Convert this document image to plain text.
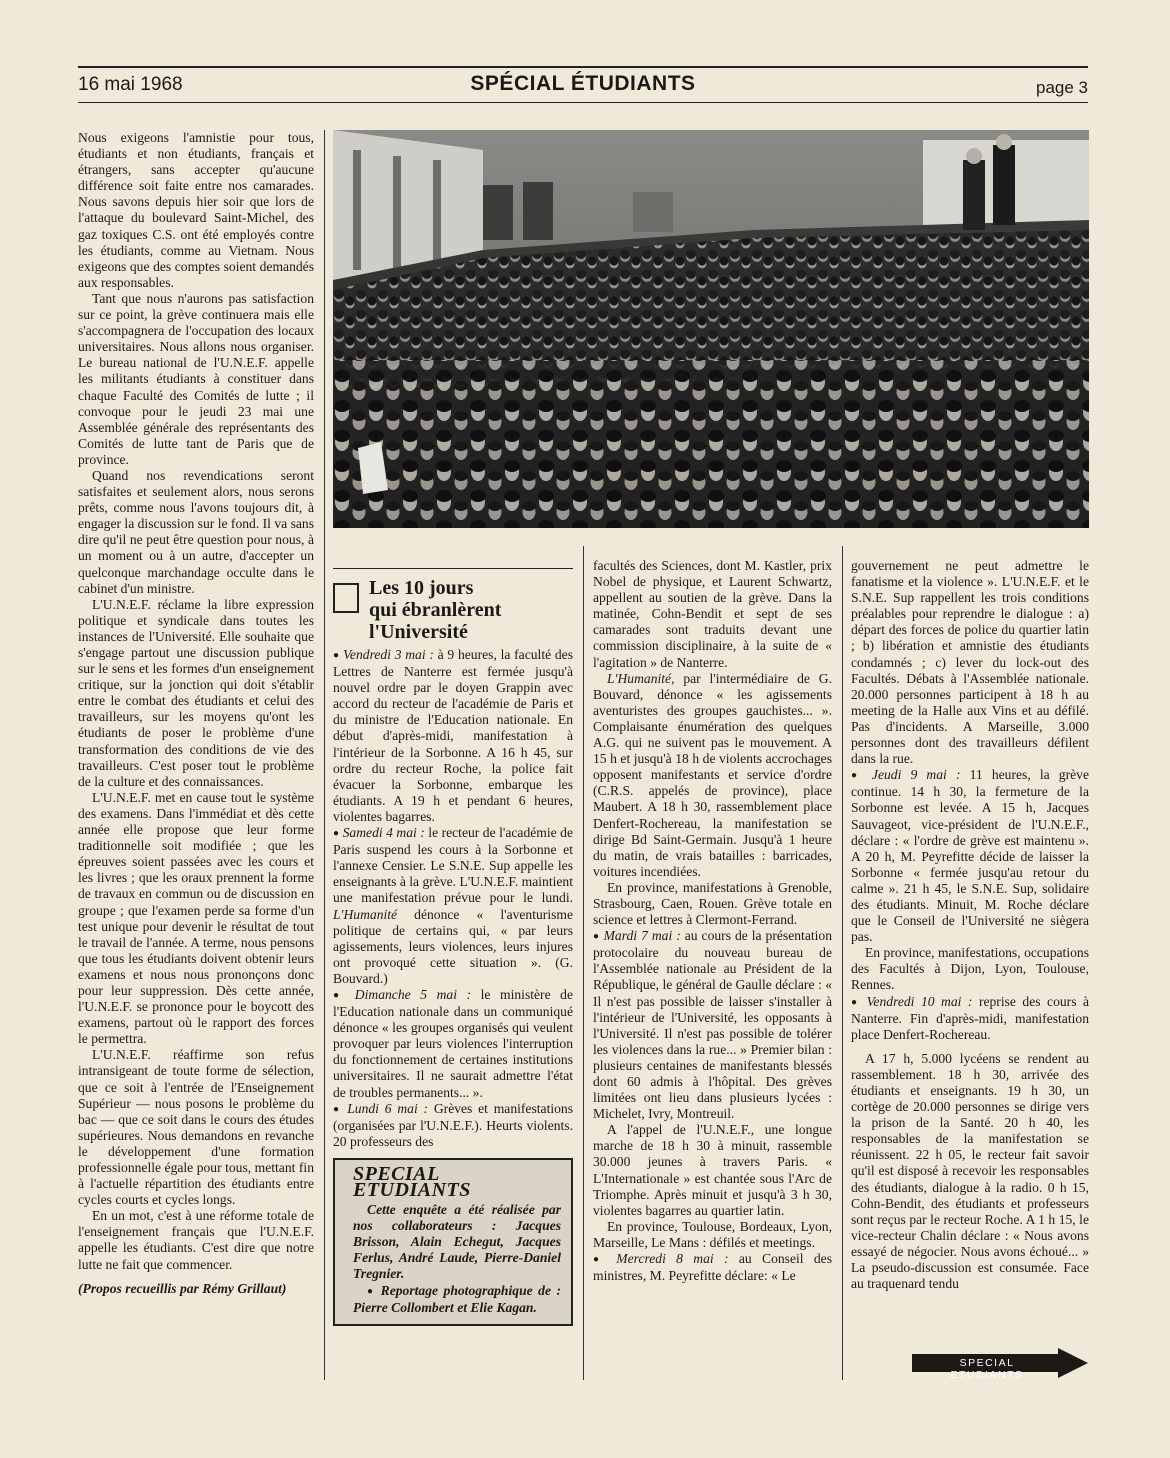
16 mai 1968	SPÉCIAL ÉTUDIANTS	page 3

Nous exigeons l'amnistie pour tous, étudiants et non étudiants, français et étrangers, sans accepter qu'aucune différence soit faite entre nos camarades. Nous savons depuis hier soir que lors de l'attaque du boulevard Saint-Michel, des gaz toxiques C.S. ont été employés contre les étudiants, comme au Vietnam. Nous exigeons que des comptes soient demandés aux responsables.

Tant que nous n'aurons pas satisfaction sur ce point, la grève continuera mais elle s'accompagnera de l'occupation des locaux universitaires. Nous allons nous organiser. Le bureau national de l'U.N.E.F. appelle les militants étudiants à constituer dans chaque Faculté des Comités de lutte ; il convoque pour le jeudi 23 mai une Assemblée générale des représentants des Comités de lutte tant de Paris que de province.

Quand nos revendications seront satisfaites et seulement alors, nous serons prêts, comme nous l'avons toujours dit, à engager la discussion sur le fond. Il va sans dire qu'il ne peut être question pour nous, à un moment ou à un autre, d'accepter un quelconque marchandage occulte dans le cabinet d'un ministre.

L'U.N.E.F. réclame la libre expression politique et syndicale dans toutes les instances de l'Université. Elle souhaite que s'engage partout une discussion publique sur le sens et les formes d'un enseignement critique, sur la jonction qui doit s'établir entre le combat des étudiants et celui des travailleurs, sur les moyens qu'ont les étudiants de poser le problème d'une transformation des conditions de vie des travailleurs. C'est poser tout le problème de la culture et des connaissances.

L'U.N.E.F. met en cause tout le système des examens. Dans l'immédiat et dès cette année elle propose que leur forme traditionnelle soit modifiée ; que les épreuves soient passées avec les cours et les livres ; que les oraux prennent la forme de travaux en commun ou de discussion en groupe ; que l'examen perde sa forme d'un test unique pour devenir le résultat de tout le travail de l'année. A terme, nous pensons que tous les étudiants doivent obtenir leurs examens et nous nous prononçons donc pour leur suppression. Dès cette année, l'U.N.E.F. se prononce pour le boycott des examens, partout où le rapport des forces le permettra.

L'U.N.E.F. réaffirme son refus intransigeant de toute forme de sélection, que ce soit à l'entrée de l'Enseignement Supérieur — nous posons le problème du bac — que ce soit dans le cours des études supérieures. Nous demandons en revanche le développement d'une formation professionnelle égale pour tous, mettant fin à l'actuelle répartition des étudiants entre cycles courts et cycles longs.

En un mot, c'est à une réforme totale de l'enseignement français que l'U.N.E.F. appelle les étudiants. C'est dire que notre lutte ne fait que commencer.

(Propos recueillis par Rémy Grillaut)

Les 10 jours
qui ébranlèrent
l'Université

● Vendredi 3 mai : à 9 heures, la faculté des Lettres de Nanterre est fermée jusqu'à nouvel ordre par le doyen Grappin avec accord du recteur de l'académie de Paris et du ministre de l'Education nationale. En début d'après-midi, manifestation à l'intérieur de la Sorbonne. A 16 h 45, sur ordre du recteur Roche, la police fait évacuer la Sorbonne, embarque les étudiants. A 19 h et pendant 6 heures, violentes bagarres.

● Samedi 4 mai : le recteur de l'académie de Paris suspend les cours à la Sorbonne et l'annexe Censier. Le S.N.E. Sup appelle les enseignants à la grève. L'U.N.E.F. maintient une manifestation prévue pour le lundi. L'Humanité dénonce « l'aventurisme politique de certains qui, « par leurs agissements, leurs violences, leurs injures ont provoqué cette situation ». (G. Bouvard.)

● Dimanche 5 mai : le ministère de l'Education nationale dans un communiqué dénonce « les groupes organisés qui veulent provoquer par leurs violences l'interruption du fonctionnement de certaines institutions universitaires. Il ne saurait admettre l'état de troubles permanents... ».

● Lundi 6 mai : Grèves et manifestations (organisées par l'U.N.E.F.). Heurts violents. 20 professeurs des

SPECIAL ETUDIANTS

Cette enquête a été réalisée par nos collaborateurs : Jacques Brisson, Alain Echegut, Jacques Ferlus, André Laude, Pierre-Daniel Tregnier.

● Reportage photographique de : Pierre Collombert et Elie Kagan.

facultés des Sciences, dont M. Kastler, prix Nobel de physique, et Laurent Schwartz, appellent au soutien de la grève. Dans la matinée, Cohn-Bendit et sept de ses camarades sont traduits devant une commission disciplinaire, à la suite de « l'agitation » de Nanterre.

L'Humanité, par l'intermédiaire de G. Bouvard, dénonce « les agissements aventuristes des groupes gauchistes... ». Complaisante énumération des quelques A.G. qui ne suivent pas le mouvement. A 15 h et jusqu'à 18 h de violents accrochages opposent manifestants et service d'ordre (C.R.S. appelés de province), place Maubert. A 18 h 30, rassemblement place Denfert-Rochereau, la manifestation se dirige Bd Saint-Germain. Jusqu'à 1 heure du matin, de vrais batailles : barricades, voitures incendiées.

En province, manifestations à Grenoble, Strasbourg, Caen, Rouen. Grève totale en science et lettres à Clermont-Ferrand.

● Mardi 7 mai : au cours de la présentation protocolaire du nouveau bureau de l'Assemblée nationale au Président de la République, le général de Gaulle déclare : « Il n'est pas possible de laisser s'installer à l'intérieur de l'Université, les opposants à l'Université. Il n'est pas possible de tolérer les violences dans la rue... » Premier bilan : plusieurs centaines de manifestants blessés dont 60 admis à l'hôpital. Des grèves limitées ont lieu dans plusieurs lycées : Michelet, Ivry, Montreuil.

A l'appel de l'U.N.E.F., une longue marche de 18 h 30 à minuit, rassemble 30.000 jeunes à travers Paris. « L'Internationale » est chantée sous l'Arc de Triomphe. Après minuit et jusqu'à 3 h 30, violentes bagarres au quartier latin.

En province, Toulouse, Bordeaux, Lyon, Marseille, Le Mans : défilés et meetings.

● Mercredi 8 mai : au Conseil des ministres, M. Peyrefitte déclare: « Le

gouvernement ne peut admettre le fanatisme et la violence ». L'U.N.E.F. et le S.N.E. Sup rappellent les trois conditions préalables pour reprendre le dialogue : a) départ des forces de police du quartier latin ; b) libération et amnistie des étudiants condamnés ; c) lever du lock-out des Facultés. Débats à l'Assemblée nationale. 20.000 personnes participent à 18 h au meeting de la Halle aux Vins et au défilé. Pas d'incidents. A Marseille, 3.000 personnes dont des travailleurs défilent dans la rue.

● Jeudi 9 mai : 11 heures, la grève continue. 14 h 30, la fermeture de la Sorbonne est levée. A 15 h, Jacques Sauvageot, vice-président de l'U.N.E.F., déclare : « l'ordre de grève est maintenu ». A 20 h, M. Peyrefitte décide de laisser la Sorbonne « fermée jusqu'au retour du calme ». 21 h 45, le S.N.E. Sup, solidaire des étudiants. Minuit, M. Roche déclare que le Conseil de l'Université ne siègera pas.

En province, manifestations, occupations des Facultés à Dijon, Lyon, Toulouse, Rennes.

● Vendredi 10 mai : reprise des cours à Nanterre. Fin d'après-midi, manifestation place Denfert-Rochereau.

A 17 h, 5.000 lycéens se rendent au rassemblement. 18 h 30, arrivée des étudiants et enseignants. 19 h 30, un cortège de 20.000 personnes se dirige vers la prison de la Santé. 20 h 40, les responsables de la manifestation se réunissent. 22 h 05, le recteur fait savoir qu'il est disposé à recevoir les responsables des étudiants, dialogue à la radio. 0 h 15, Cohn-Bendit, des étudiants et professeurs sont reçus par le recteur Roche. A 1 h 15, le vice-recteur Chalin déclare : « Nous avons essayé de négocier. Nous avons échoué... » La pseudo-discussion est consumée. Face au traquenard tendu

SPECIAL ETUDIANTS
